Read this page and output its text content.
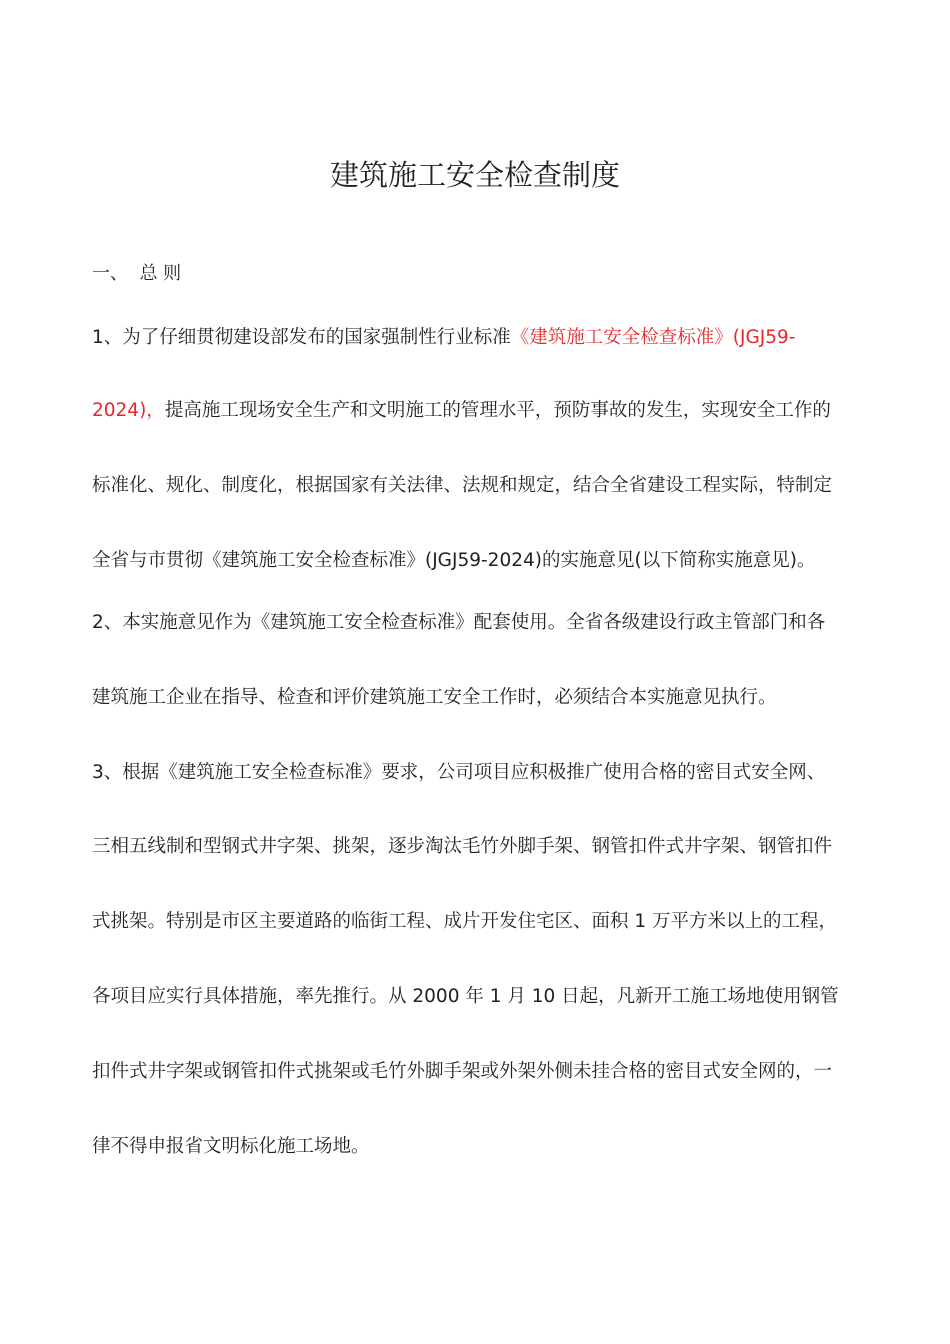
建筑施工安全检查制度
一、 总 则
1、为了仔细贯彻建设部发布的国家强制性行业标准《建筑施工安全检查标准》(JGJ59-
2024)，提高施工现场安全生产和文明施工的管理水平，预防事故的发生，实现安全工作的
标准化、规化、制度化，根据国家有关法律、法规和规定，结合全省建设工程实际，特制定
全省与市贯彻《建筑施工安全检查标准》(JGJ59-2024)的实施意见(以下简称实施意见)。
2、本实施意见作为《建筑施工安全检查标准》配套使用。全省各级建设行政主管部门和各
建筑施工企业在指导、检查和评价建筑施工安全工作时，必须结合本实施意见执行。
3、根据《建筑施工安全检查标准》要求，公司项目应积极推广使用合格的密目式安全网、
三相五线制和型钢式井字架、挑架，逐步淘汰毛竹外脚手架、钢管扣件式井字架、钢管扣件
式挑架。特别是市区主要道路的临街工程、成片开发住宅区、面积 1 万平方米以上的工程，
各项目应实行具体措施，率先推行。从 2000 年 1 月 10 日起，凡新开工施工场地使用钢管
扣件式井字架或钢管扣件式挑架或毛竹外脚手架或外架外侧未挂合格的密目式安全网的，一
律不得申报省文明标化施工场地。
